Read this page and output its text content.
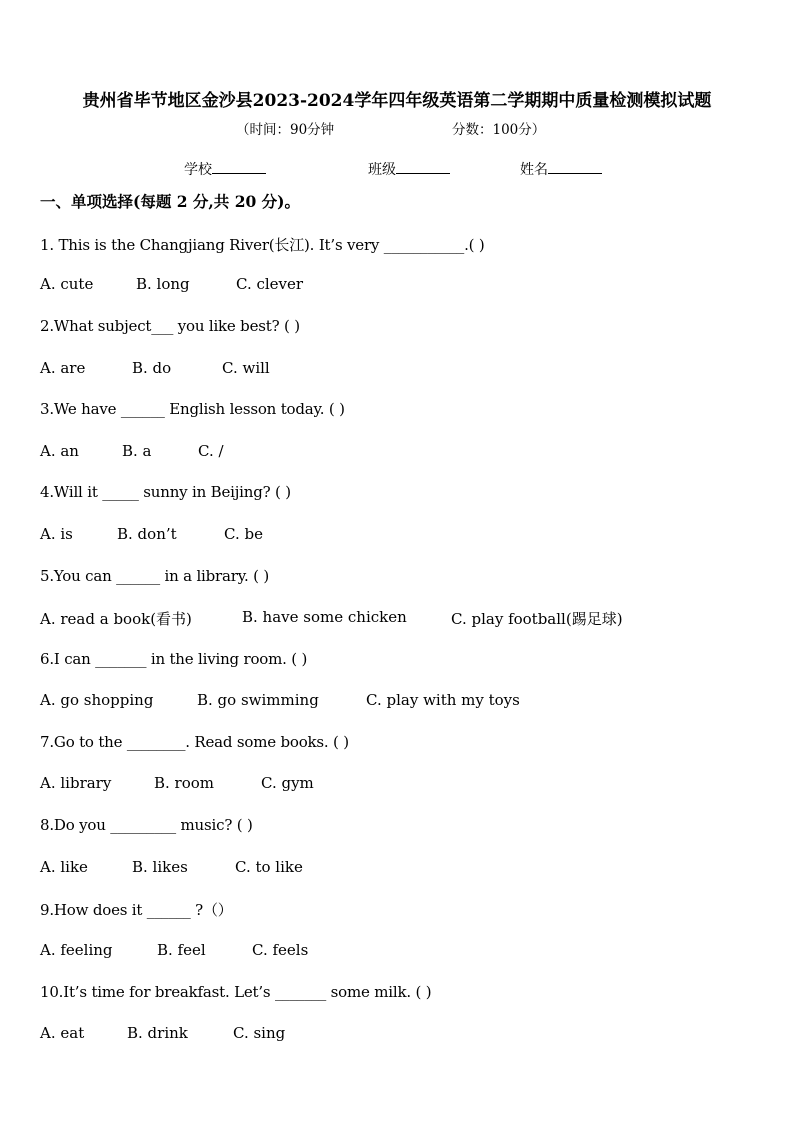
贵州省毕节地区金沙县2023-2024学年四年级英语第二学期期中质量检测模拟试题
（时间：90分钟	分数：100分）
学校	班级	姓名
一、单项选择(每题 2 分,共 20 分)。
1. This is the Changjiang River(长江). It’s very ___________.( )
A. cute	B. long	C. clever
2.What subject___ you like best? ( )
A. are	B. do	C. will
3.We have ______ English lesson today. ( )
A. an	B. a	C. /
4.Will it _____ sunny in Beijing? ( )
A. is	B. don’t	C. be
5.You can ______ in a library. ( )
A. read a book(看书)	B. have some chicken	C. play football(踢足球)
6.I can _______ in the living room. ( )
A. go shopping	B. go swimming	C. play with my toys
7.Go to the ________. Read some books. ( )
A. library	B. room	C. gym
8.Do you _________ music? ( )
A. like	B. likes	C. to like
9.How does it ______ ?（）
A. feeling	B. feel	C. feels
10.It’s time for breakfast. Let’s _______ some milk. ( )
A. eat	B. drink	C. sing
